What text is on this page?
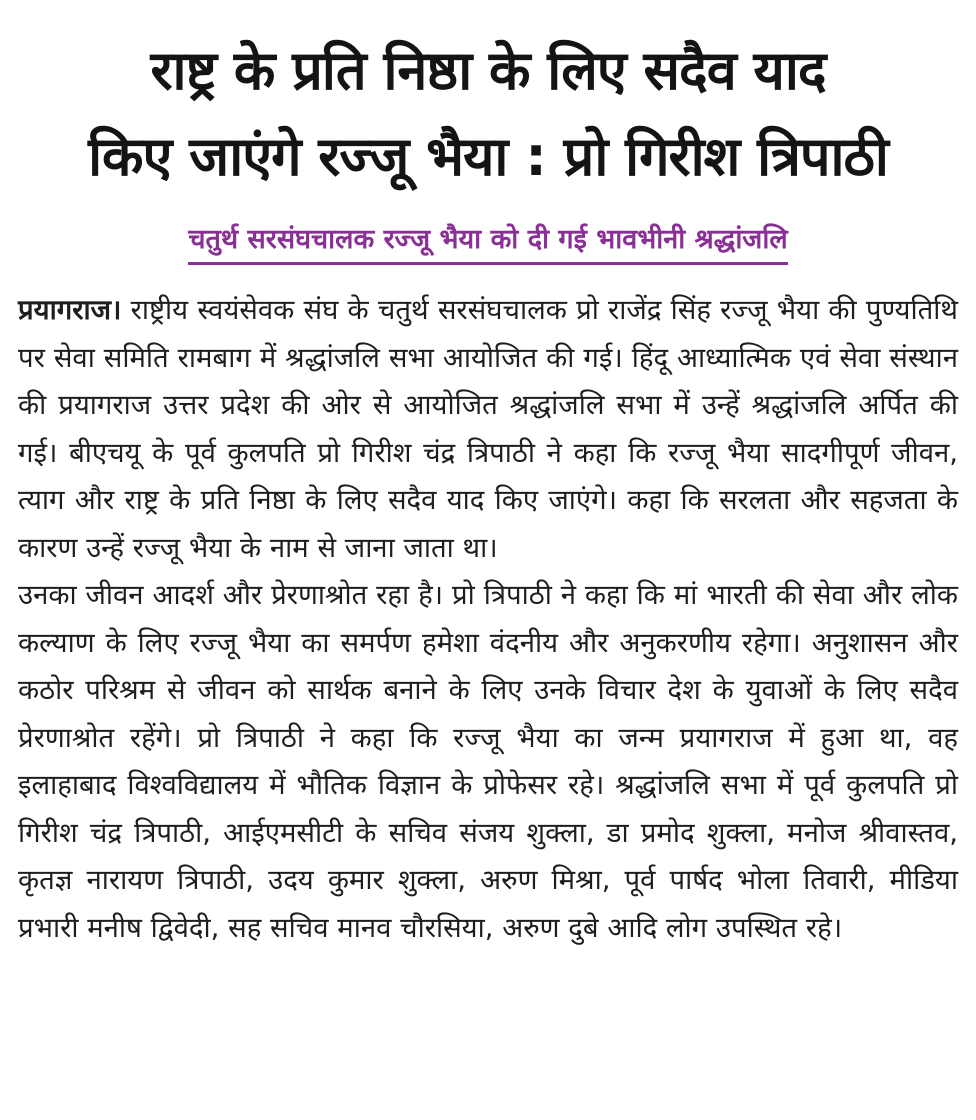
राष्ट्र के प्रति निष्ठा के लिए सदैव याद
किए जाएंगे रज्जू भैया : प्रो गिरीश त्रिपाठी
चतुर्थ सरसंघचालक रज्जू भैया को दी गई भावभीनी श्रद्धांजलि

प्रयागराज। राष्ट्रीय स्वयंसेवक संघ के चतुर्थ सरसंघचालक प्रो राजेंद्र सिंह रज्जू भैया की पुण्यतिथि पर सेवा समिति रामबाग में श्रद्धांजलि सभा आयोजित की गई। हिंदू आध्यात्मिक एवं सेवा संस्थान की प्रयागराज उत्तर प्रदेश की ओर से आयोजित श्रद्धांजलि सभा में उन्हें श्रद्धांजलि अर्पित की गई। बीएचयू के पूर्व कुलपति प्रो गिरीश चंद्र त्रिपाठी ने कहा कि रज्जू भैया सादगीपूर्ण जीवन, त्याग और राष्ट्र के प्रति निष्ठा के लिए सदैव याद किए जाएंगे। कहा कि सरलता और सहजता के कारण उन्हें रज्जू भैया के नाम से जाना जाता था।

उनका जीवन आदर्श और प्रेरणाश्रोत रहा है। प्रो त्रिपाठी ने कहा कि मां भारती की सेवा और लोक कल्याण के लिए रज्जू भैया का समर्पण हमेशा वंदनीय और अनुकरणीय रहेगा। अनुशासन और कठोर परिश्रम से जीवन को सार्थक बनाने के लिए उनके विचार देश के युवाओं के लिए सदैव प्रेरणाश्रोत रहेंगे। प्रो त्रिपाठी ने कहा कि रज्जू भैया का जन्म प्रयागराज में हुआ था, वह इलाहाबाद विश्वविद्यालय में भौतिक विज्ञान के प्रोफेसर रहे। श्रद्धांजलि सभा में पूर्व कुलपति प्रो गिरीश चंद्र त्रिपाठी, आईएमसीटी के सचिव संजय शुक्ला, डा प्रमोद शुक्ला, मनोज श्रीवास्तव, कृतज्ञ नारायण त्रिपाठी, उदय कुमार शुक्ला, अरुण मिश्रा, पूर्व पार्षद भोला तिवारी, मीडिया प्रभारी मनीष द्विवेदी, सह सचिव मानव चौरसिया, अरुण दुबे आदि लोग उपस्थित रहे।
